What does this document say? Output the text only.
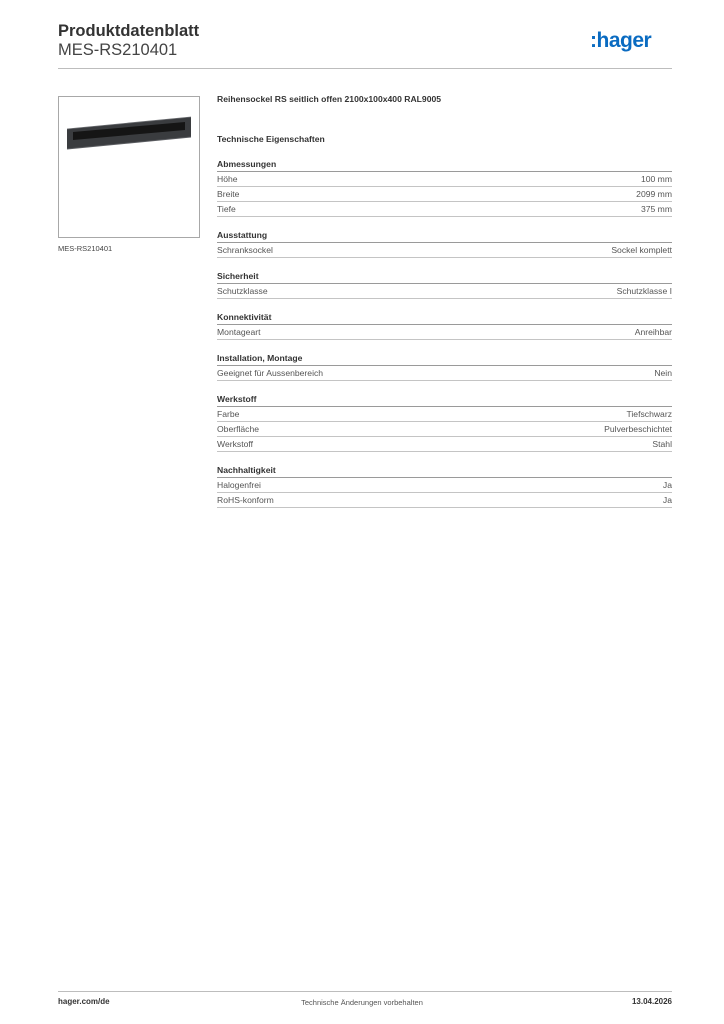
Produktdatenblatt
MES-RS210401	:hager
MES-RS210401
Reihensockel RS seitlich offen 2100x100x400 RAL9005
Technische Eigenschaften
Abmessungen
Höhe	100 mm
Breite	2099 mm
Tiefe	375 mm
Ausstattung
Schranksockel	Sockel komplett
Sicherheit
Schutzklasse	Schutzklasse I
Konnektivität
Montageart	Anreihbar
Installation, Montage
Geeignet für Aussenbereich	Nein
Werkstoff
Farbe	Tiefschwarz
Oberfläche	Pulverbeschichtet
Werkstoff	Stahl
Nachhaltigkeit
Halogenfrei	Ja
RoHS-konform	Ja
hager.com/de	Technische Änderungen vorbehalten	13.04.2026
